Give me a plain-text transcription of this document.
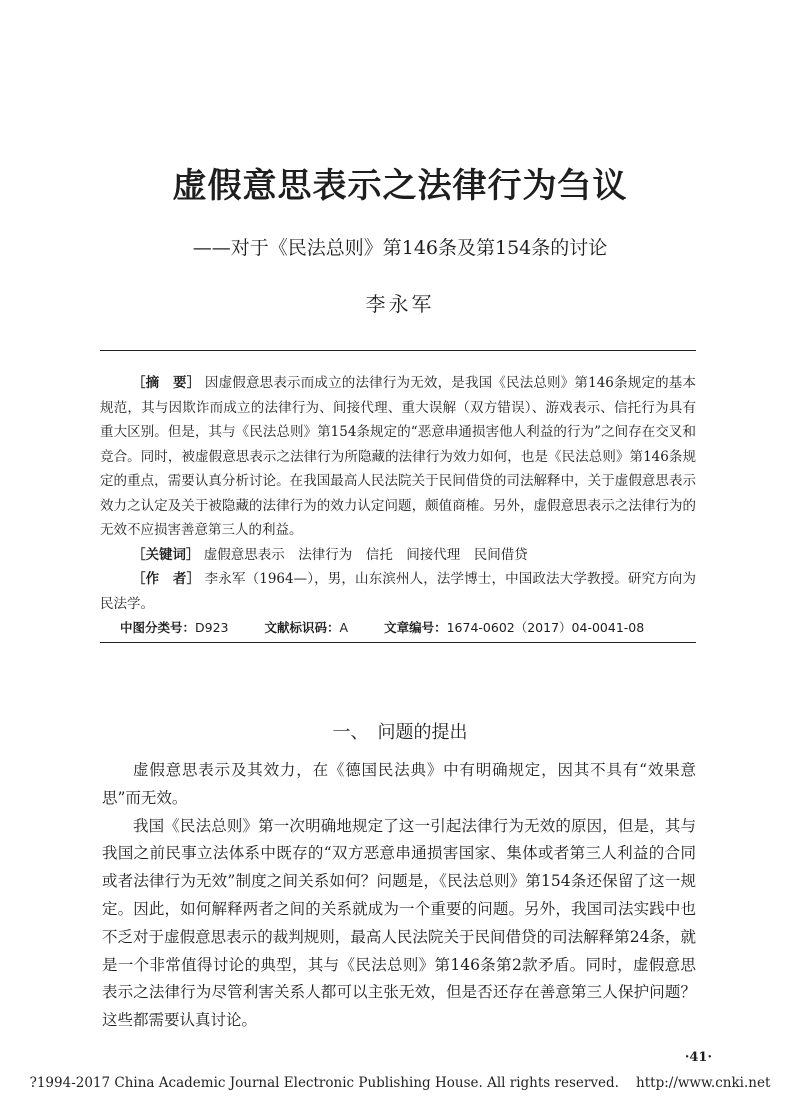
虚假意思表示之法律行为刍议
——对于《民法总则》第146条及第154条的讨论
李永军
［摘　要］ 因虚假意思表示而成立的法律行为无效，是我国《民法总则》第146条规定的基本规范，其与因欺诈而成立的法律行为、间接代理、重大误解（双方错误）、游戏表示、信托行为具有重大区别。但是，其与《民法总则》第154条规定的“恶意串通损害他人利益的行为”之间存在交叉和竞合。同时，被虚假意思表示之法律行为所隐藏的法律行为效力如何，也是《民法总则》第146条规定的重点，需要认真分析讨论。在我国最高人民法院关于民间借贷的司法解释中，关于虚假意思表示效力之认定及关于被隐藏的法律行为的效力认定问题，颇值商榷。另外，虚假意思表示之法律行为的无效不应损害善意第三人的利益。
［关键词］ 虚假意思表示　法律行为　信托　间接代理　民间借贷
［作　者］ 李永军（1964—），男，山东滨州人，法学博士，中国政法大学教授。研究方向为民法学。
中图分类号：D923	文献标识码：A	文章编号：1674-0602（2017）04-0041-08
一、　问题的提出

虚假意思表示及其效力，在《德国民法典》中有明确规定，因其不具有“效果意思”而无效。

我国《民法总则》第一次明确地规定了这一引起法律行为无效的原因，但是，其与我国之前民事立法体系中既存的“双方恶意串通损害国家、集体或者第三人利益的合同或者法律行为无效”制度之间关系如何？问题是，《民法总则》第154条还保留了这一规定。因此，如何解释两者之间的关系就成为一个重要的问题。另外，我国司法实践中也不乏对于虚假意思表示的裁判规则，最高人民法院关于民间借贷的司法解释第24条，就是一个非常值得讨论的典型，其与《民法总则》第146条第2款矛盾。同时，虚假意思表示之法律行为尽管利害关系人都可以主张无效，但是否还存在善意第三人保护问题？这些都需要认真讨论。

·41·
?1994-2017 China Academic Journal Electronic Publishing House. All rights reserved.    http://www.cnki.net
